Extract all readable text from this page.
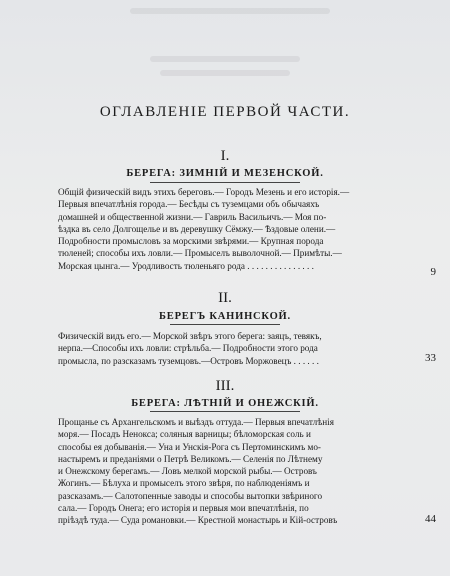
ОГЛАВЛЕНIЕ ПЕРВОЙ ЧАСТИ.
I.
БЕРЕГА: ЗИМНIЙ И МЕЗЕНСКОЙ.
Общiй физическiй видъ этихъ береговъ.— Городъ Мезень и его исторiя.—
Первыя впечатлѣнiя города.— Бесѣды съ туземцами объ обычаяхъ
домашней и общественной жизни.— Гавриль Васильичъ.— Моя по-
ѣздка въ село Долгощелье и въ деревушку Сёмжу.— Ѣздовые олени.—
Подробности промысловъ за морскими звѣрями.— Крупная порода
тюленей; способы ихъ ловли.— Промыселъ выволочной.— Примѣты.—
Морская цынга.— Уродливость тюленьяго рода . . . . . . . . . . . . . . .
9
II.
БЕРЕГЪ КАНИНСКОЙ.
Физическiй видъ его.— Морской звѣръ этого берега: заяцъ, тевякъ,
нерпа.—Способы ихъ ловли: стрѣльба.— Подробности этого рода
промысла, по разсказамъ туземцовъ.—Островъ Моржовецъ . . . . . .	33
III.
БЕРЕГА: ЛѢТНIЙ И ОНЕЖСКIЙ.
Прощанье съ Архангельскомъ и выѣздъ оттуда.— Первыя впечатлѣнiя
моря.— Посадъ Ненокса; соляныя варницы; бѣломорская соль и
способы ея добыванiя.— Уна и Унскiя-Рога съ Пертоминскимъ мо-
настыремъ и преданiями о Петрѣ Великомъ.— Селенiя по Лѣтнему
и Онежскому берегамъ.— Ловъ мелкой морской рыбы.— Островъ
Жогинъ.— Бѣлуха и промыселъ этого звѣря, по наблюденiямъ и
разсказамъ.— Салотопенные заводы и способы вытопки звѣриного
сала.— Городъ Онега; его исторiя и первыя мои впечатлѣнiя, по
прiѣздѣ туда.— Суда романовки.— Крестной монастырь и Кiй-островъ	44
